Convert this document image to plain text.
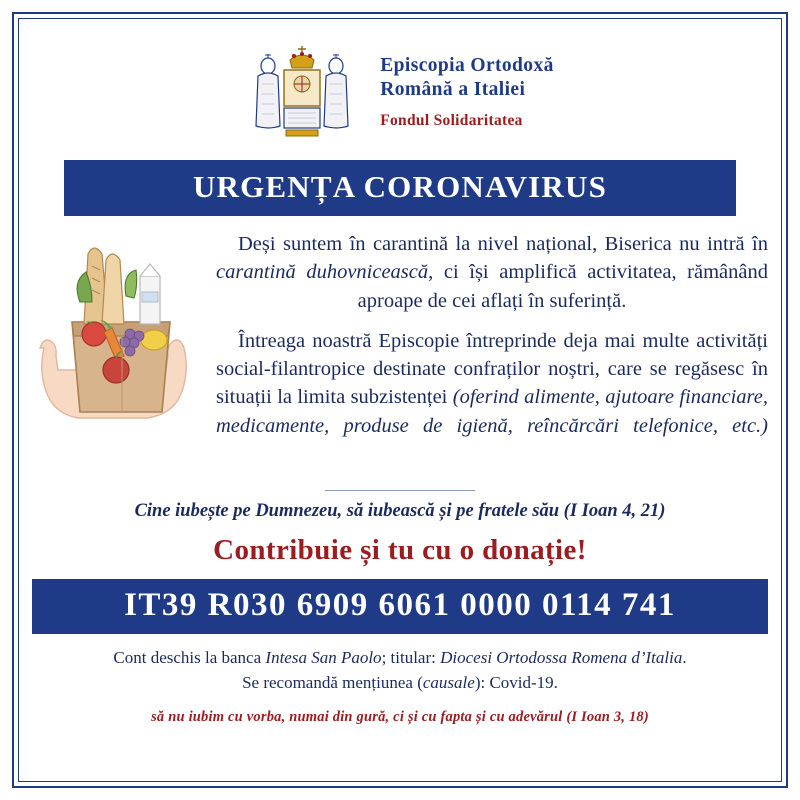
Episcopia Ortodoxă
Română a Italiei
Fondul Solidaritatea
URGENȚA CORONAVIRUS

Deși suntem în carantină la nivel național, Biserica nu intră în carantină duhovnicească, ci își amplifică activitatea, rămânând aproape de cei aflați în suferință.

Întreaga noastră Episcopie întreprinde deja mai multe activități social-filantropice destinate confraților noștri, care se regăsesc în situații la limita subzistenței (oferind alimente, ajutoare financiare, medicamente, produse de igienă, reîncărcări telefonice, etc.)

Cine iubește pe Dumnezeu, să iubească și pe fratele său (I Ioan 4, 21)
Contribuie și tu cu o donație!
IT39 R030 6909 6061 0000 0114 741
Cont deschis la banca Intesa San Paolo; titular: Diocesi Ortodossa Romena d’Italia.
Se recomandă mențiunea (causale): Covid-19.
să nu iubim cu vorba, numai din gură, ci și cu fapta și cu adevărul (I Ioan 3, 18)
